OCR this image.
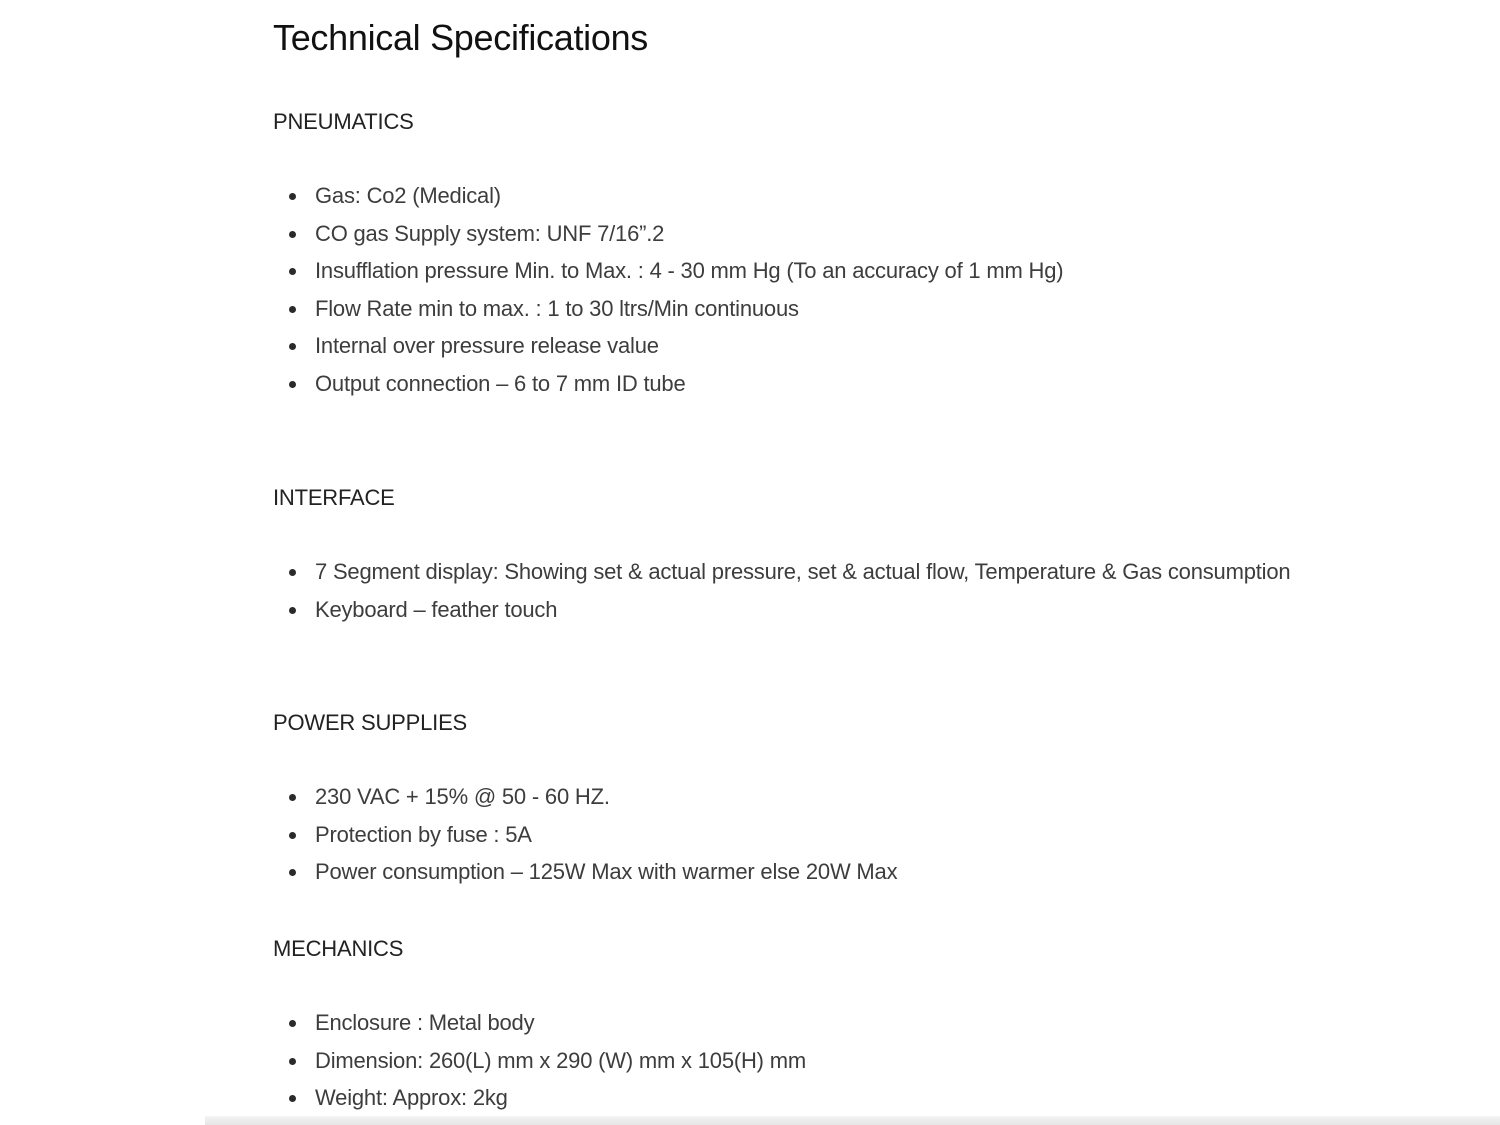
Technical Specifications
PNEUMATICS
Gas: Co2 (Medical)
CO gas Supply system: UNF 7/16”.2
Insufflation pressure Min. to Max. : 4 - 30 mm Hg (To an accuracy of 1 mm Hg)
Flow Rate min to max. : 1 to 30 ltrs/Min continuous
Internal over pressure release value
Output connection – 6 to 7 mm ID tube
INTERFACE
7 Segment display: Showing set & actual pressure, set & actual flow, Temperature & Gas consumption
Keyboard – feather touch
POWER SUPPLIES
230 VAC + 15% @ 50 - 60 HZ.
Protection by fuse : 5A
Power consumption – 125W Max with warmer else 20W Max
MECHANICS
Enclosure : Metal body
Dimension: 260(L) mm x 290 (W) mm x 105(H) mm
Weight: Approx: 2kg
